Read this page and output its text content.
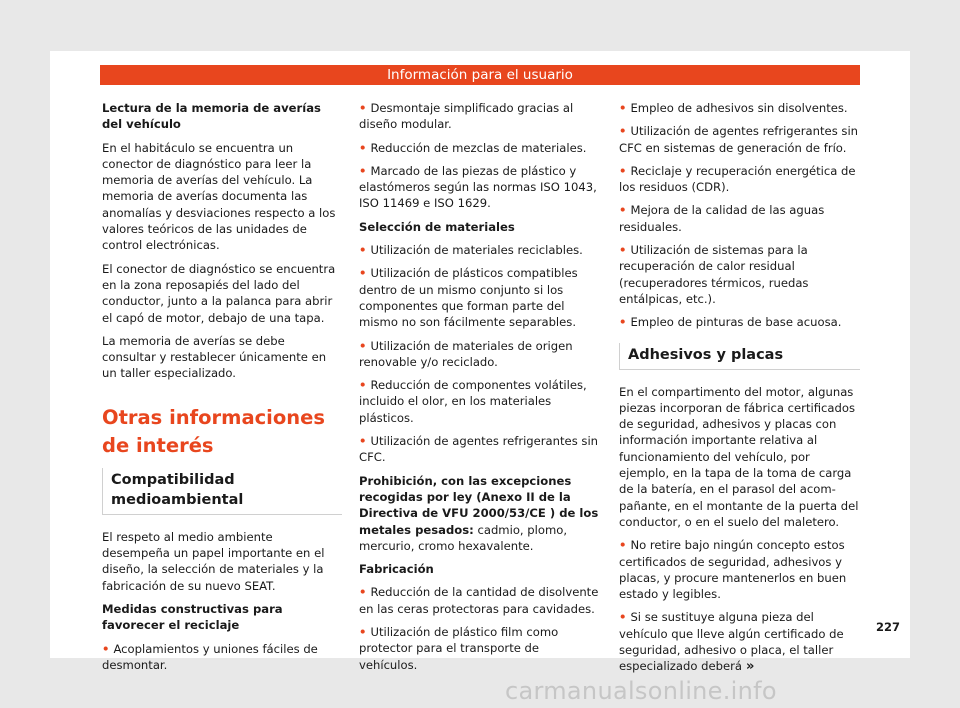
Información para el usuario

Lectura de la memoria de averías del vehículo

En el habitáculo se encuentra un conector de diagnóstico para leer la memoria de averías del vehículo. La memoria de averías documenta las anomalías y desviaciones respecto a los valores teóricos de las unidades de control electrónicas.

El conector de diagnóstico se encuentra en la zona reposapiés del lado del conductor, junto a la palanca para abrir el capó de motor, debajo de una tapa.

La memoria de averías se debe consultar y restablecer únicamente en un taller especializado.

Otras informaciones de interés
Compatibilidad medioambiental

El respeto al medio ambiente desempeña un papel importante en el diseño, la selección de materiales y la fabricación de su nuevo SEAT.

Medidas constructivas para favorecer el reciclaje

• Acoplamientos y uniones fáciles de desmontar.

• Desmontaje simplificado gracias al diseño modular.

• Reducción de mezclas de materiales.

• Marcado de las piezas de plástico y elastómeros según las normas ISO 1043, ISO 11469 e ISO 1629.

Selección de materiales

• Utilización de materiales reciclables.

• Utilización de plásticos compatibles dentro de un mismo conjunto si los componentes que forman parte del mismo no son fácilmente separables.

• Utilización de materiales de origen renovable y/o reciclado.

• Reducción de componentes volátiles, incluido el olor, en los materiales plásticos.

• Utilización de agentes refrigerantes sin CFC.

Prohibición, con las excepciones recogidas por ley (Anexo II de la Directiva de VFU 2000/53/CE ) de los metales pesados: cadmio, plomo, mercurio, cromo hexavalente.

Fabricación

• Reducción de la cantidad de disolvente en las ceras protectoras para cavidades.

• Utilización de plástico film como protector para el transporte de vehículos.

• Empleo de adhesivos sin disolventes.

• Utilización de agentes refrigerantes sin CFC en sistemas de generación de frío.

• Reciclaje y recuperación energética de los residuos (CDR).

• Mejora de la calidad de las aguas residuales.

• Utilización de sistemas para la recuperación de calor residual (recuperadores térmicos, ruedas entálpicas, etc.).

• Empleo de pinturas de base acuosa.

Adhesivos y placas

En el compartimento del motor, algunas piezas incorporan de fábrica certificados de seguridad, adhesivos y placas con información importante relativa al funcionamiento del vehículo, por ejemplo, en la tapa de la toma de carga de la batería, en el parasol del acompañante, en el montante de la puerta del conductor, o en el suelo del maletero.

• No retire bajo ningún concepto estos certificados de seguridad, adhesivos y placas, y procure mantenerlos en buen estado y legibles.

• Si se sustituye alguna pieza del vehículo que lleve algún certificado de seguridad, adhesivo o placa, el taller especializado deberá »

227
carmanualsonline.info
